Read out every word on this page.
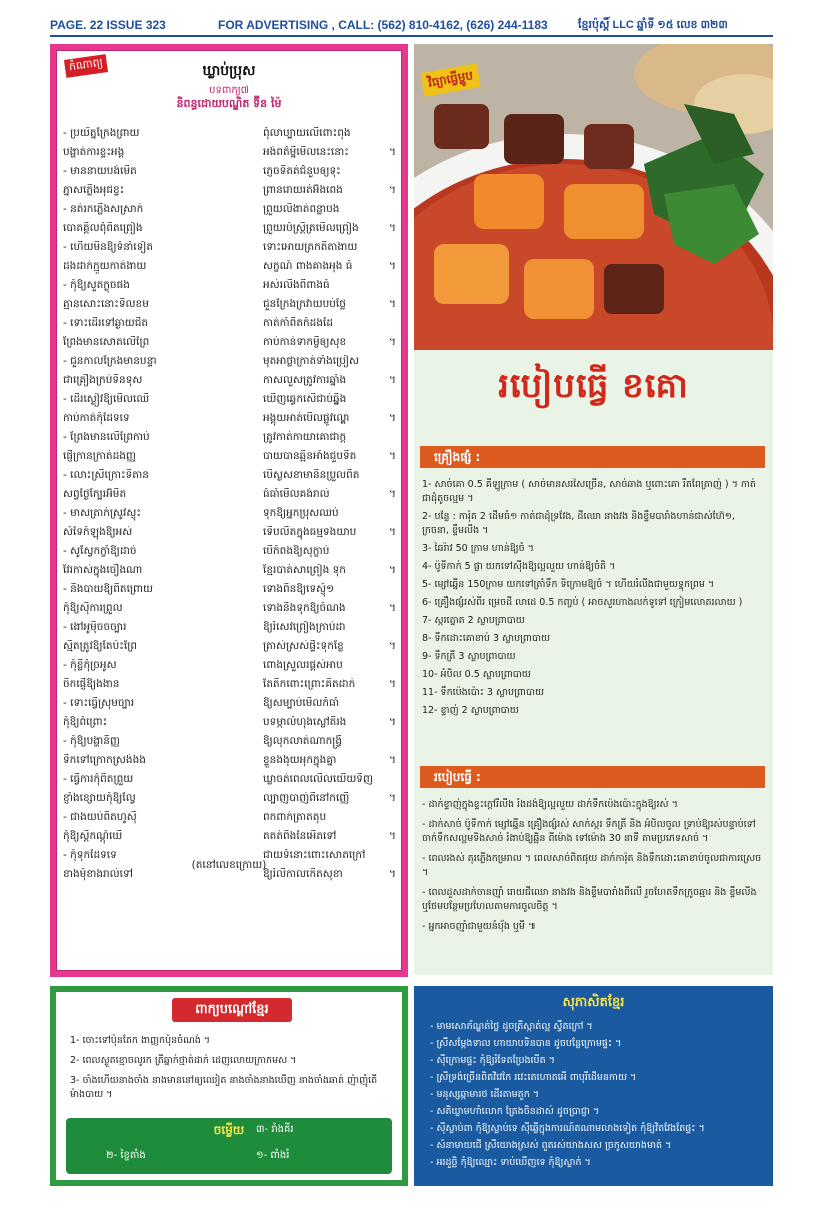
PAGE. 22 ISSUE 323	FOR ADVERTISING , CALL: (562) 810-4162, (626) 244-1183	ខ្មែរប៉ុស្ដិ៍ LLC ឆ្នាំទី ១៥ លេខ ៣២៣
កំណាព្យ	ឃ្លាប់ប្រុស
បទពាក្យ៧
និពន្ធដោយបណ្ឌិត ទ៊ីន ម៉ៃ
- ប្រយ័ត្នក្រែងព្រាយ	ពុំលាប្បាយលើពោះពុង
បង្ហាត់ការខ្ទះអង្គ	អង់ពត៌ម្នីមើលនេះនោះ	។
- មាននាយបង់មើត	ភ្ញេចទិតត់ជំនួបឲ្យទុះ
ភ្នាសភ្លើងអុជខ្ទះ	ព្រានរោយរត់អ៊ីងពេង	។
- នត់រកភ្លើងសស្រាក់	ព្រួយលិងាត់ពន្លាបង
បោតគ្គិលពុំពិតព្រៀង	ព្រួយរបំស្ដ្រិត្រមើលព្រៀង	។
- ហើយមិនឱ្យទំនាំទៀត	ទោះអោយត្រកតិតាងាយ
ដងដាក់ក្មួយកាត់ងាយ	សក្ខណ៍ ពាងគាងអុង ធំ	។
- កុំឱ្យសួតក្ងុចផង	អស់រលីងពីពាងធំ
ត្មានសោះនោះទិលខម	ជួនក្រែងក្រវាយបប់ថ្លៃ	។
- ទោះដើរទៅឆ្ងាយជិត	កាត់កាំពិតកំដងដៃ
ព្រែងមានសោតលើព្រៃ	កាប់កាន់ទាកម្ចីឲ្យសុខ	។
- ជួនកាលក្រែងមានបន្ទា	មុតអាថ្លាក្រាត់ទាំងប្រៀស
ជាគ្រឿងក្រប់ទិនទុស	កាសលួសត្រូវការឆ្នាំង	។
- ដើរស្ងៀវឱ្យមើលឈើ	ឃើញឆ្វេកសើជាប់ឆ្ន្លឹង
កាប់កាត់កុំដៃទទេ	អង្គុយអាត់បើលផ្លូវល្ហ្កោ	។
- ព្រែងមានលើព្រៃកាប់	ត្រូវកាត់កាយាគោជាក្ដ
ផ្ញើក្រានក្រាត់ដងញ្ញ	បាយបានឆ្អិនអាំងជួបទិត	។
- លោះស្រីក្រោះទិតាន	បើស្ងសខាមានិនប្រួលពិត
សព្វថ្ងៃក្បែរអ៊ីមិត	ធំធាំមើលគង់រាល់	។
- មាសត្រាក់ស្រូវស្ញុះ	ទុកឱ្យអ្នកប្រុសឈប់
សំទៃកំឡុងឱ្យអស់	ទើបលីតក្នុងធម្មទងយាប	។
- សូស្វែកក្ខាំឱ្យដាច់	បើកំពងឱ្យសុក្ខាប់
វែរកាស់ក្នុងចឿងណា	ខ្មែរបាត់សាព្រៀង ទុក	។
- នឹងបាយឱ្យពិតព្រោយ	ទោងពិនឱ្យទេស្ញុំ១
កុំឱ្យស៊ីការព្រួល	ទោងនឹងទុកឱ្យចំណង	។
- ងៅអូម៉ិចចច្បារ	ឱ្យរំសេវព្រៀងក្រាប់ដា
ស្មិតត្រូវឱ្យតែប៉ះព្រែ	ត្រាស់ស្រស់ផ្ទឹះទុកខ្លែ	។
- កុំខ្លីកុំច្រអូស	ពោងស្រួលរផ្គស់អាប
ចិកផ្ញើឱ្យងងាន	តែតឹកពោះព្រោះគិតដាក់	។
- ទោះធ្វើស្រុមច្បារ	ឱ្យសម្បាប់មើលកំធាំ
កុំឱ្យពំព្រោះ	បទម្កាលំហុងស្លៅតិរង	។
- កុំឱ្យបង្ហានិញ្ញ	ឱ្យលុកលាត់ណាកង្វ្រី
ទឹកទៅក្រោកស្រង់ងង	ខ្ទួនងងុយអុកក្នុងគ្នា	។
- ធ្វើការកុំពិតព្រួយ	ឃ្លាចត់ពេលលើលយើយទិញ
ខ្ញាំងខ្សោយកុំឱ្យល្វែ	ល្បាញបាញ់ពីនៅកញ្ញើ	។
- ជាងយប់ពិតហូស៊ី	ពកពាក់ត្រាតតុប
កុំឱ្យស្ដីកណ្ដុំឃើ	តតត់ពឹងនៃអើតទៅ	។
- កុំទុកដៃទទេ	ជាយទំនោះពោះសោតក្រៅ
ខាងមុំខាងរាល់ទៅ	ឱ្យរំលឹកាលកើតសុខា	។
(តនៅលេខក្រោយ)
វិធ្យាធ្វើម្ហូប
របៀបធ្វើ ខគោ
គ្រឿងផ្សំ :
1- សាច់គោ 0.5 គីឡូក្រាម ( សាច់មានសរសៃច្រើន, សាច់ឆាង ឬពោះគោ រឺតពែត្រាញ់ ) ។ កាត់ជាដុំតូចល្មម ។
2- បន្លែ : ការ៉ុត 2 ដើមធំ១ កាត់ជាដុំទ្រវែង, ដីឈោ នាងវង និងខ្ទឹមបារាំងហាន់ជាស់ហ៊ែ១, ក្រចនា, ខ្ទឹមលីង ។
3- ឆៃរ៉ាវ 50 ក្រាម ហាន់ឱ្យចំ ។
4- ប៉ូទីកាក់ 5 ផ្លា យកទៅស៊ីងឱ្យល្អលួយ ហាន់ឱ្យចំតិ ។
5- ម្សៅឆ្នើន 150ក្រាម យកទៅត្រាំទឹក ទិក្រោមឱ្យចំ ។ ហើយរំលីងជាមួយទ្នុកព្រម ។
6- គ្រឿងផ្សំរស់ពីរ ម្រេចដី លាដេ 0.5 កញ្ចប់ ( អាចសួរហាងលក់ទូទៅ ក្រៀមលោតរលាយ )
7- ស្ករត្នោត 2 ស្លាបព្រាបាយ
8- ទឹកដោះគោខាប់ 3 ស្លាបព្រាបាយ
9- ទឹកត្រី 3 ស្លាបព្រាបាយ
10- អំបិល 0.5 ស្លាបព្រាបាយ
11- ទឹកប៉េងប៉ោះ 3 ស្លាបព្រាបាយ
12- ខ្ទាញ់ 2 ស្លាបព្រាបាយ
របៀបធ្វើ :
- ដាក់ខ្ទាញ់ក្នុងខ្ទះក្តៅរីលីង រំងដង់ឱ្យល្អលួយ ដាក់ទឹកប៉េងប៉ោះក្នុងឱ្យរស់ ។
- ដាក់សាច់ ប៉ូទីកាក់ ម្សៅឆ្នើន គ្រឿងផ្សំរស់ សាក់ស្ករ ទឹកត្រី និង អំបិលចូល ទ្រាប់ឱ្យរស់បន្ទាប់ទៅ ចាក់ទឹកសល្អមទិងសាច់ រំងាប់ឱ្យឆ្អិន ពីម៉ោង ទៅម៉ោង 30 នាទី តាមប្រភេទសាច់ ។
- ពេលរងស់ តុរភ្លើងកម្ររាល ។ ពេលសាច់ពិតផុយ ដាក់ការ៉ុត និងទឹកដោះគោខាប់ចូលជាការស្រេច ។
- ពេលដួសដាក់ចានញ៉ាំ រោយជីឈោ នាងវង និងខ្ទឹមបារាំងពីលើ រួចហែតទឹកក្រូចឆ្មារ និង ខ្ទឹមលីង ឬថែមបន្ថែមប្រហែលតាមការចូលចិត្ត ។
- អ្នកអាចញ៉ាំជាមួយនំបុ័ង ឬមី ៕
ពាក្យបណ្ដៅខ្មែរ
1- ចោះទៅប៉ុនតែក ងាញ្ញកប៉ុនចំណង់ ។
2- ពេលស្ងួតខ្មោចលូរក ត្រីឆ្នាក់ថ្មាត់ដាក់ ដេញលោយក្រាកមស ។
3- ចាំងហើយនាងចាំង នាងមាននៅឲ្យឈៀត នាងចាំងនាងឃើញ នាងចាំងឆាត់ ញ៉ាញុំតើម៉ាងបាយ ។
ចម្លើយ	៣- រាំងគីរ
១- ពាំងរំ
២- ខ្ចៃតាំង
សុភាសិតខ្មែរ
- មាមសោភ័ណ្ឌត់ថ្លៃ ដូចត្រីស្កាត់ល្អ ស្វឹតក្រៅ ។
- ស្រីសម្ដែងទាល ហាយាបទិនបាន ដូចបន្លែក្រោមផ្ទះ ។
- ស៊ីក្រោមផ្ទះ កុំឱ្យរំទែតប្រែងបើត ។
- ស្រីទ្រង់ច្រើនពិតវិវេកៃ រវេះតេហោតអើ ពាបុរីដើមនកាយ ។
- មនុស្សឆ្កាមារថ ដើរតាមតួក ។
- សតិឃ្លាមហាំលោក ត្រែងចិនដាស់ ដូចប្រាជ្ញា ។
- ស៊ីស្លាប់ពា កុំឱ្យស្លាប់ទេ ស៊ីឆ្លើក្នុងការណ៍តណាមលាងទៀត កុំឱ្យវិតវែងតែផ្ទះ ។
- សំនាមាយជើ ស្រីយោងស្រស់ ពួតរស់យាងសស ច្រកូសយាងមាត់ ។
- អរដួច្ឆិ កុំឱ្យឈ្មោះ ទាប់ឃើញទេ កុំឱ្យស្លាក់ ។
